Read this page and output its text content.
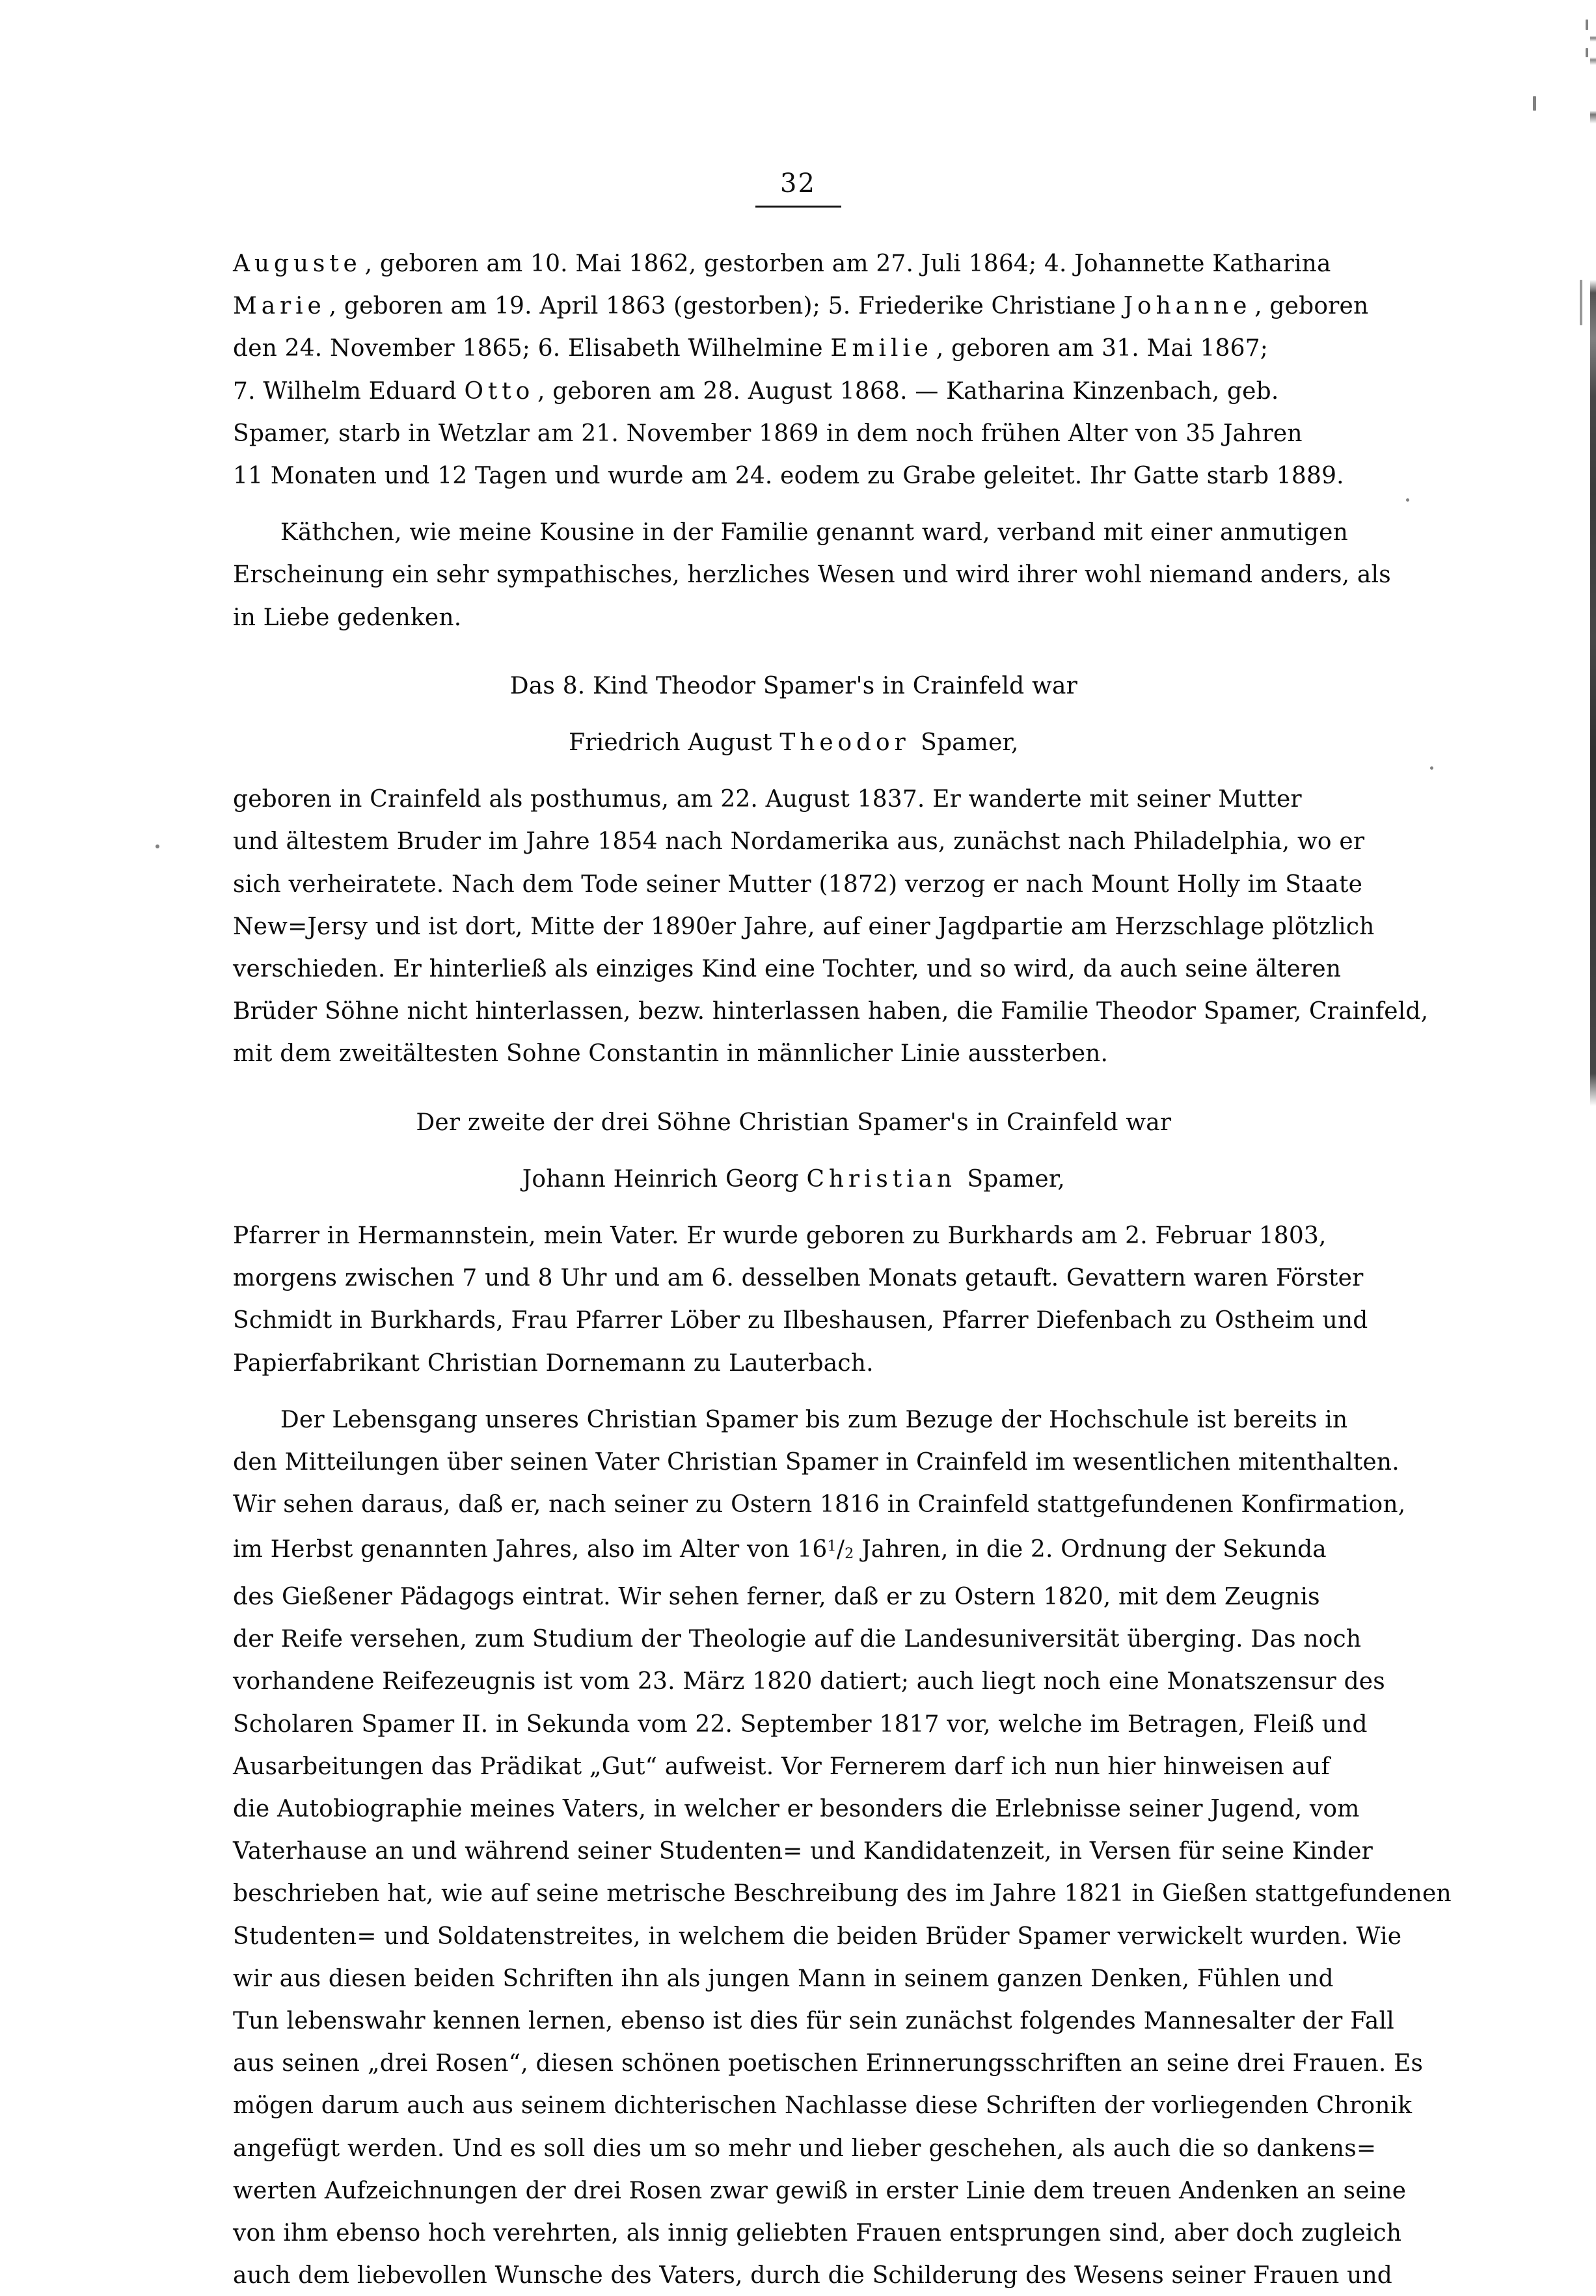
32
Auguste , geboren am 10. Mai 1862, gestorben am 27. Juli 1864; 4. Johannette Katharina
Marie , geboren am 19. April 1863 (gestorben); 5. Friederike Christiane Johanne , geboren
den 24. November 1865; 6. Elisabeth Wilhelmine Emilie , geboren am 31. Mai 1867;
7. Wilhelm Eduard Otto , geboren am 28. August 1868. — Katharina Kinzenbach, geb.
Spamer, starb in Wetzlar am 21. November 1869 in dem noch frühen Alter von 35 Jahren
11 Monaten und 12 Tagen und wurde am 24. eodem zu Grabe geleitet. Ihr Gatte starb 1889.
Käthchen, wie meine Kousine in der Familie genannt ward, verband mit einer anmutigen
Erscheinung ein sehr sympathisches, herzliches Wesen und wird ihrer wohl niemand anders, als
in Liebe gedenken.
Das 8. Kind Theodor Spamer's in Crainfeld war
Friedrich August Theodor Spamer,
geboren in Crainfeld als posthumus, am 22. August 1837. Er wanderte mit seiner Mutter
und ältestem Bruder im Jahre 1854 nach Nordamerika aus, zunächst nach Philadelphia, wo er
sich verheiratete. Nach dem Tode seiner Mutter (1872) verzog er nach Mount Holly im Staate
New=Jersy und ist dort, Mitte der 1890er Jahre, auf einer Jagdpartie am Herzschlage plötzlich
verschieden. Er hinterließ als einziges Kind eine Tochter, und so wird, da auch seine älteren
Brüder Söhne nicht hinterlassen, bezw. hinterlassen haben, die Familie Theodor Spamer, Crainfeld,
mit dem zweitältesten Sohne Constantin in männlicher Linie aussterben.
Der zweite der drei Söhne Christian Spamer's in Crainfeld war
Johann Heinrich Georg Christian Spamer,
Pfarrer in Hermannstein, mein Vater. Er wurde geboren zu Burkhards am 2. Februar 1803,
morgens zwischen 7 und 8 Uhr und am 6. desselben Monats getauft. Gevattern waren Förster
Schmidt in Burkhards, Frau Pfarrer Löber zu Ilbeshausen, Pfarrer Diefenbach zu Ostheim und
Papierfabrikant Christian Dornemann zu Lauterbach.
Der Lebensgang unseres Christian Spamer bis zum Bezuge der Hochschule ist bereits in
den Mitteilungen über seinen Vater Christian Spamer in Crainfeld im wesentlichen mitenthalten.
Wir sehen daraus, daß er, nach seiner zu Ostern 1816 in Crainfeld stattgefundenen Konfirmation,
im Herbst genannten Jahres, also im Alter von $16^1/2$ Jahren, in die 2. Ordnung der Sekunda
des Gießener Pädagogs eintrat. Wir sehen ferner, daß er zu Ostern 1820, mit dem Zeugnis
der Reife versehen, zum Studium der Theologie auf die Landesuniversität überging. Das noch
vorhandene Reifezeugnis ist vom 23. März 1820 datiert; auch liegt noch eine Monatszensur des
Scholaren Spamer II. in Sekunda vom 22. September 1817 vor, welche im Betragen, Fleiß und
Ausarbeitungen das Prädikat „Gut“ aufweist. Vor Fernerem darf ich nun hier hinweisen auf
die Autobiographie meines Vaters, in welcher er besonders die Erlebnisse seiner Jugend, vom
Vaterhause an und während seiner Studenten= und Kandidatenzeit, in Versen für seine Kinder
beschrieben hat, wie auf seine metrische Beschreibung des im Jahre 1821 in Gießen stattgefundenen
Studenten= und Soldatenstreites, in welchem die beiden Brüder Spamer verwickelt wurden. Wie
wir aus diesen beiden Schriften ihn als jungen Mann in seinem ganzen Denken, Fühlen und
Tun lebenswahr kennen lernen, ebenso ist dies für sein zunächst folgendes Mannesalter der Fall
aus seinen „drei Rosen“, diesen schönen poetischen Erinnerungsschriften an seine drei Frauen. Es
mögen darum auch aus seinem dichterischen Nachlasse diese Schriften der vorliegenden Chronik
angefügt werden. Und es soll dies um so mehr und lieber geschehen, als auch die so dankens=
werten Aufzeichnungen der drei Rosen zwar gewiß in erster Linie dem treuen Andenken an seine
von ihm ebenso hoch verehrten, als innig geliebten Frauen entsprungen sind, aber doch zugleich
auch dem liebevollen Wunsche des Vaters, durch die Schilderung des Wesens seiner Frauen und
